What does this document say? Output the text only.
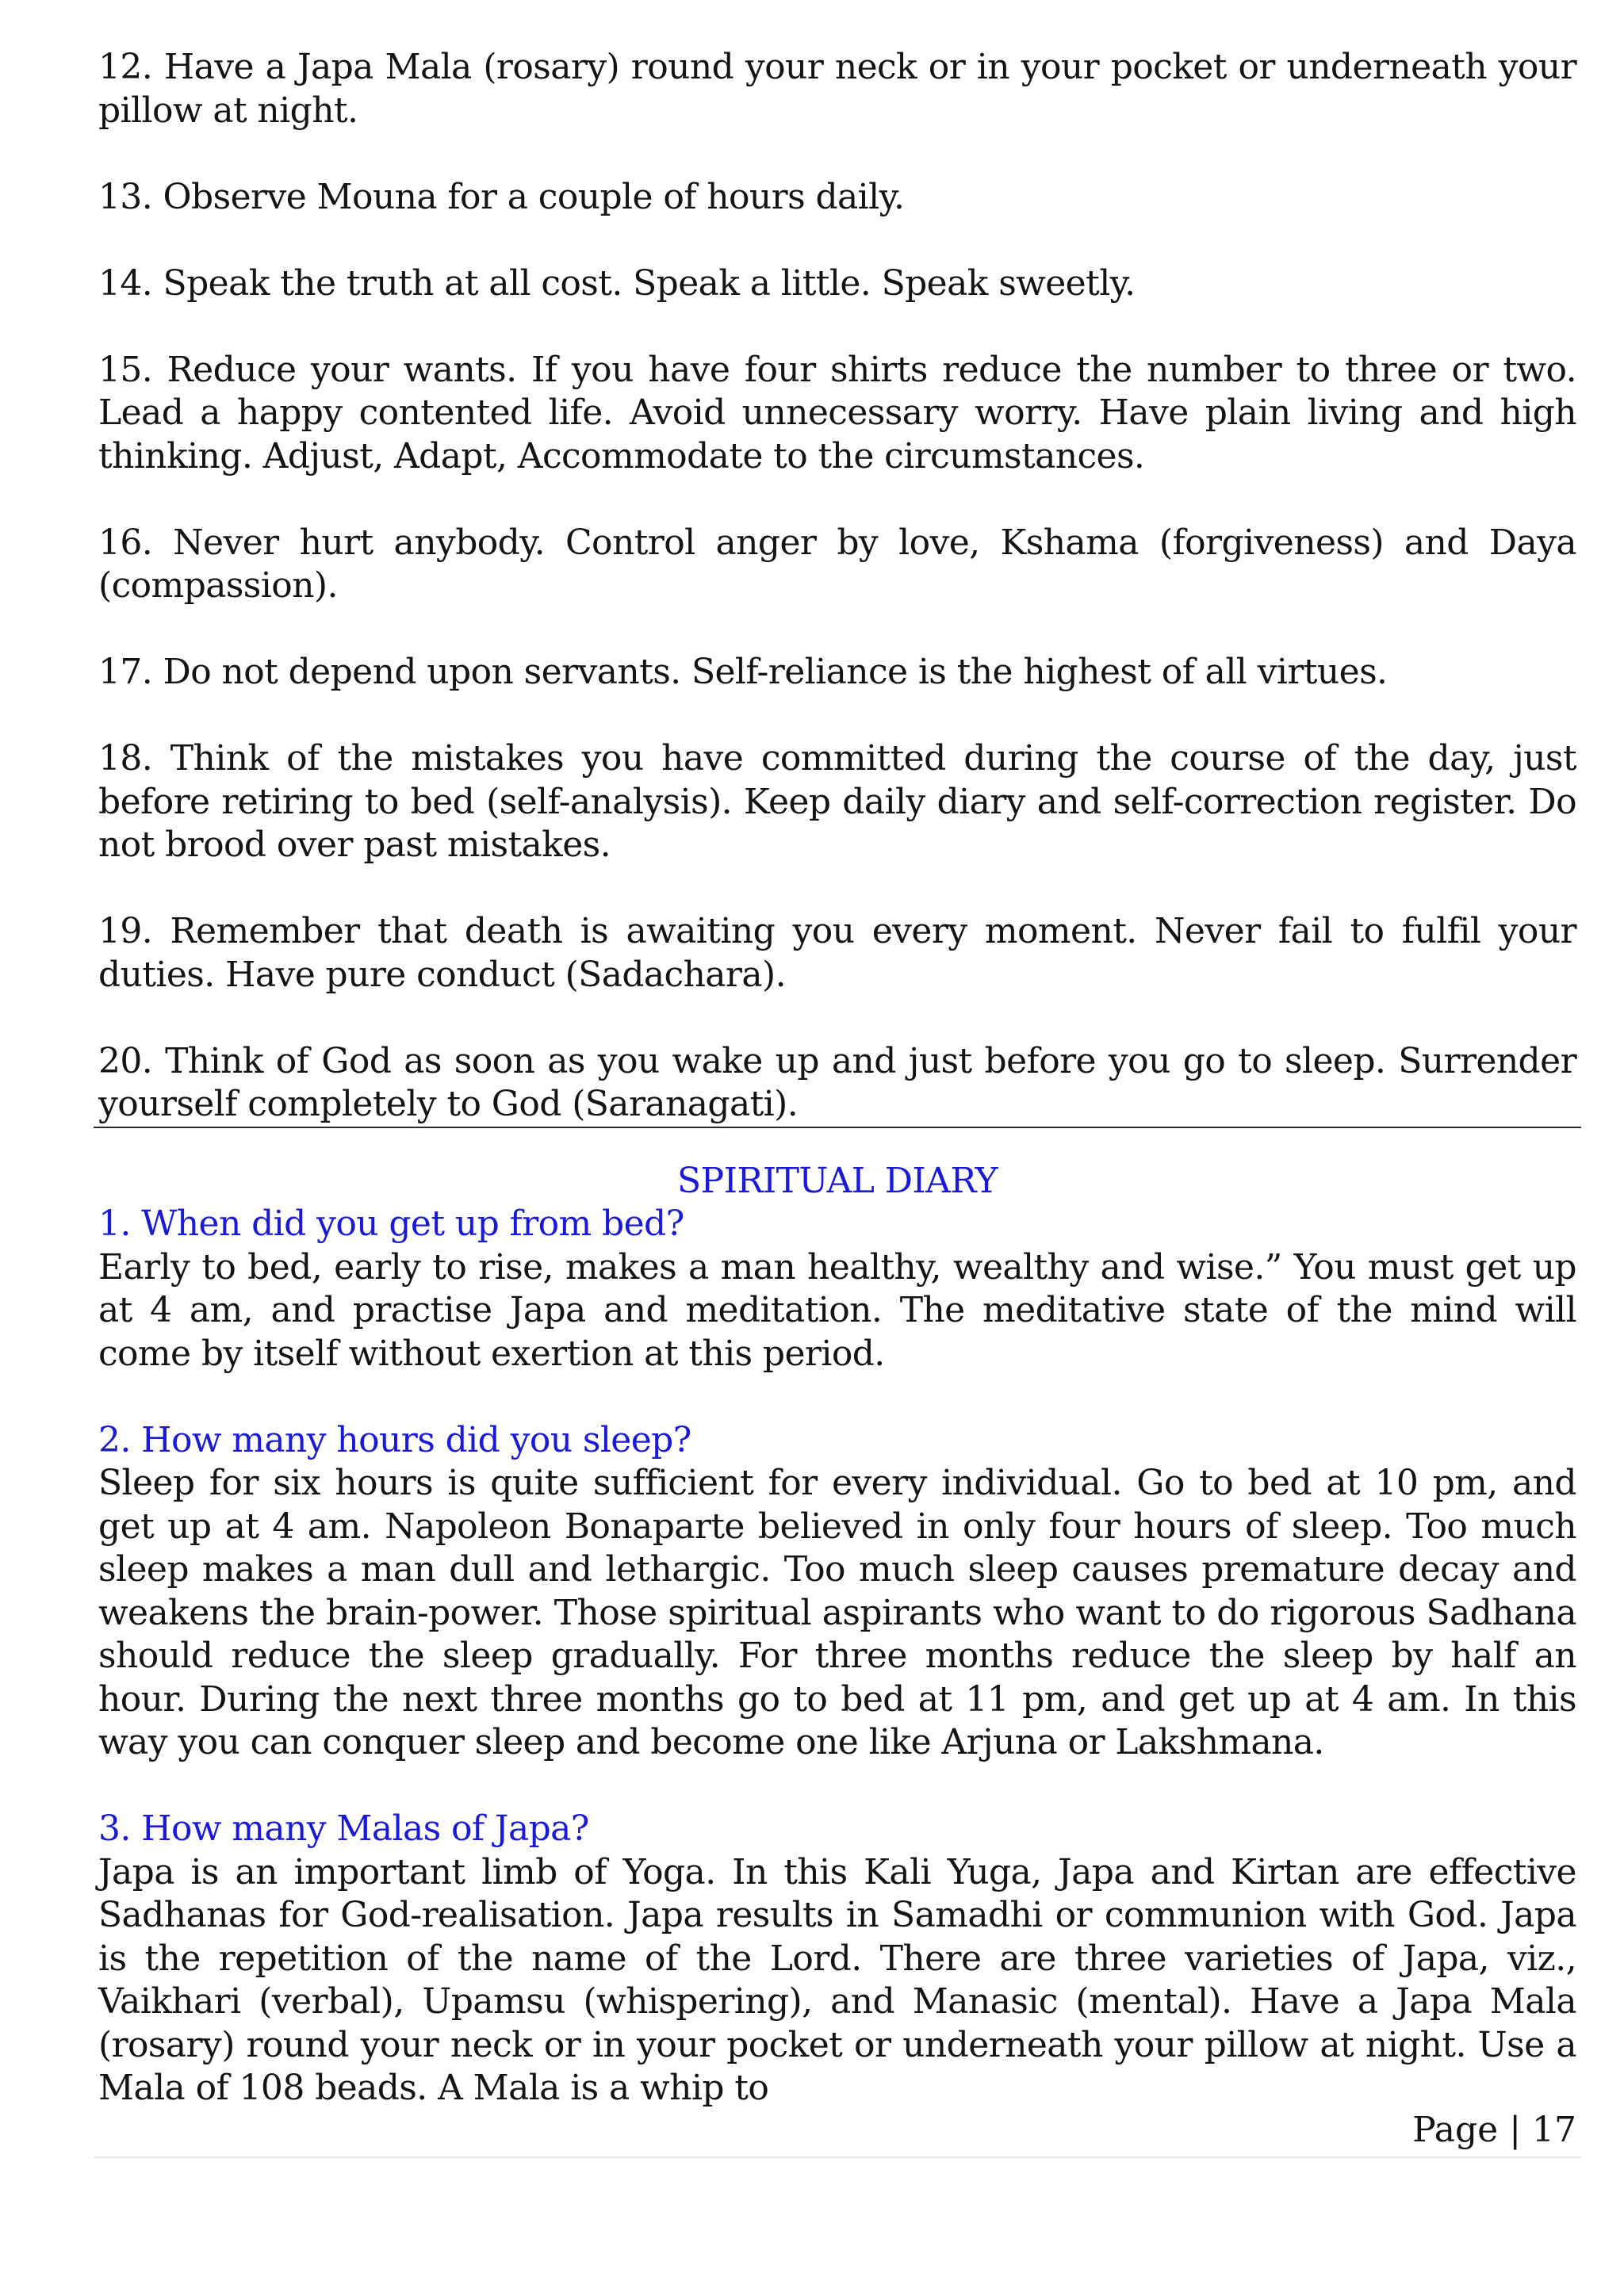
12. Have a Japa Mala (rosary) round your neck or in your pocket or underneath your pillow at night.

13. Observe Mouna for a couple of hours daily.

14. Speak the truth at all cost. Speak a little. Speak sweetly.

15. Reduce your wants. If you have four shirts reduce the number to three or two. Lead a happy contented life. Avoid unnecessary worry. Have plain living and high thinking. Adjust, Adapt, Accommodate to the circumstances.

16. Never hurt anybody. Control anger by love, Kshama (forgiveness) and Daya (compassion).

17. Do not depend upon servants. Self-reliance is the highest of all virtues.

18. Think of the mistakes you have committed during the course of the day, just before retiring to bed (self-analysis). Keep daily diary and self-correction register. Do not brood over past mistakes.

19. Remember that death is awaiting you every moment. Never fail to fulfil your duties. Have pure conduct (Sadachara).

20. Think of God as soon as you wake up and just before you go to sleep. Surrender yourself completely to God (Saranagati).

SPIRITUAL DIARY
1. When did you get up from bed?

Early to bed, early to rise, makes a man healthy, wealthy and wise.” You must get up at 4 am, and practise Japa and meditation. The meditative state of the mind will come by itself without exertion at this period.

2. How many hours did you sleep?

Sleep for six hours is quite sufficient for every individual. Go to bed at 10 pm, and get up at 4 am. Napoleon Bonaparte believed in only four hours of sleep. Too much sleep makes a man dull and lethargic. Too much sleep causes premature decay and weakens the brain-power. Those spiritual aspirants who want to do rigorous Sadhana should reduce the sleep gradually. For three months reduce the sleep by half an hour. During the next three months go to bed at 11 pm, and get up at 4 am. In this way you can conquer sleep and become one like Arjuna or Lakshmana.

3. How many Malas of Japa?

Japa is an important limb of Yoga. In this Kali Yuga, Japa and Kirtan are effective Sadhanas for God-realisation. Japa results in Samadhi or communion with God. Japa is the repetition of the name of the Lord. There are three varieties of Japa, viz., Vaikhari (verbal), Upamsu (whispering), and Manasic (mental). Have a Japa Mala (rosary) round your neck or in your pocket or underneath your pillow at night. Use a Mala of 108 beads. A Mala is a whip to

Page | 17
